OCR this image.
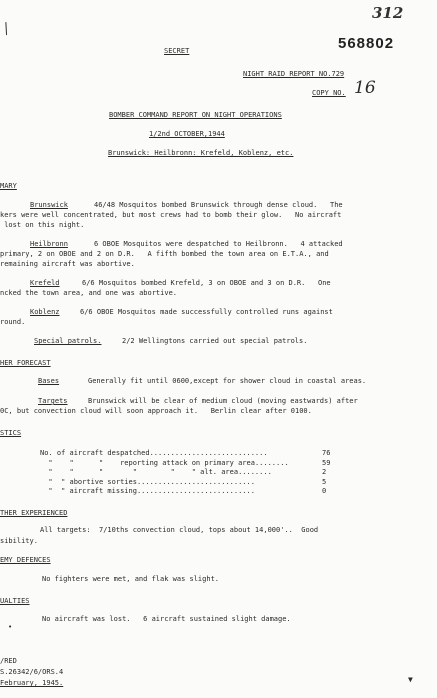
312
568802
/
SECRET
NIGHT RAID REPORT NO.729
COPY NO. 16
BOMBER COMMAND REPORT ON NIGHT OPERATIONS
1/2nd OCTOBER,1944
Brunswick: Heilbronn: Krefeld, Koblenz, etc.
MARY
Brunswick	46/48 Mosquitos bombed Brunswick through dense cloud.   The
kers were well concentrated, but most crews had to bomb their glow.   No aircraft
lost on this night.
Heilbronn	6 OBOE Mosquitos were despatched to Heilbronn.   4 attacked
primary, 2 on OBOE and 2 on D.R.   A fifth bombed the town area on E.T.A., and
remaining aircraft was abortive.
Krefeld	6/6 Mosquitos bombed Krefeld, 3 on OBOE and 3 on D.R.   One
ncked the town area, and one was abortive.
Koblenz	6/6 OBOE Mosquitos made successfully controlled runs against
round.
Special patrols.	2/2 Wellingtons carried out special patrols.
HER FORECAST
Bases	Generally fit until 0600,except for shower cloud in coastal areas.
Targets	Brunswick will be clear of medium cloud (moving eastwards) after
0C, but convection cloud will soon approach it.   Berlin clear after 0100.
STICS
No. of aircraft despatched............................	76
"    "      "    reporting attack on primary area........	59
"    "      "       "        "    " alt. area........	2
"  " abortive sorties............................	5
"  " aircraft missing............................	0
THER EXPERIENCED
All targets:  7/10ths convection cloud, tops about 14,000'..  Good
sibility.
EMY DEFENCES
No fighters were met, and flak was slight.
UALTIES
No aircraft was lost.   6 aircraft sustained slight damage.
/RED
S.26342/6/ORS.4
February, 1945.	▼
•
